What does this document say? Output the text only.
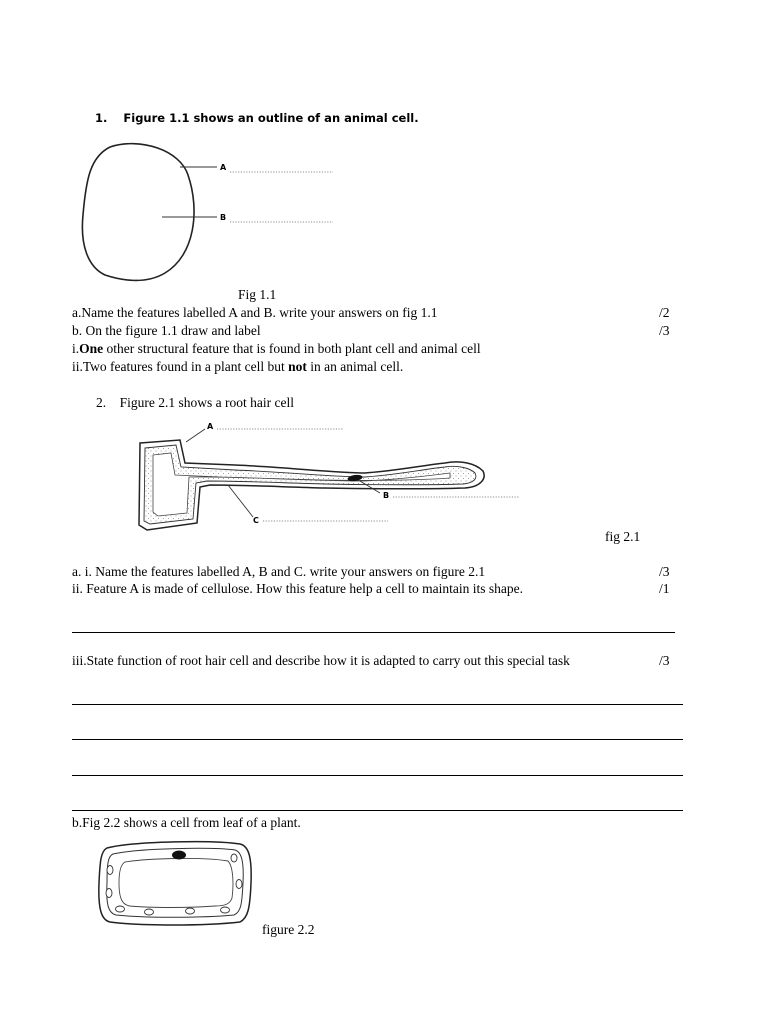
1. Figure 1.1 shows an outline of an animal cell.
A
B
Fig 1.1
a.Name the features labelled A and B. write your answers on fig 1.1	/2
b. On the figure 1.1 draw and label	/3
i.One other structural feature that is found in both plant cell and animal cell
ii.Two features found in a plant cell but not in an animal cell.
2. Figure 2.1 shows a root hair cell
A
B
C
fig 2.1
a. i. Name the features labelled A, B and C. write your answers on figure 2.1	/3
ii. Feature A is made of cellulose. How this feature help a cell to maintain its shape.	/1
iii.State function of root hair cell and describe how it is adapted to carry out this special task	/3
b.Fig 2.2 shows a cell from leaf of a plant.
figure 2.2
